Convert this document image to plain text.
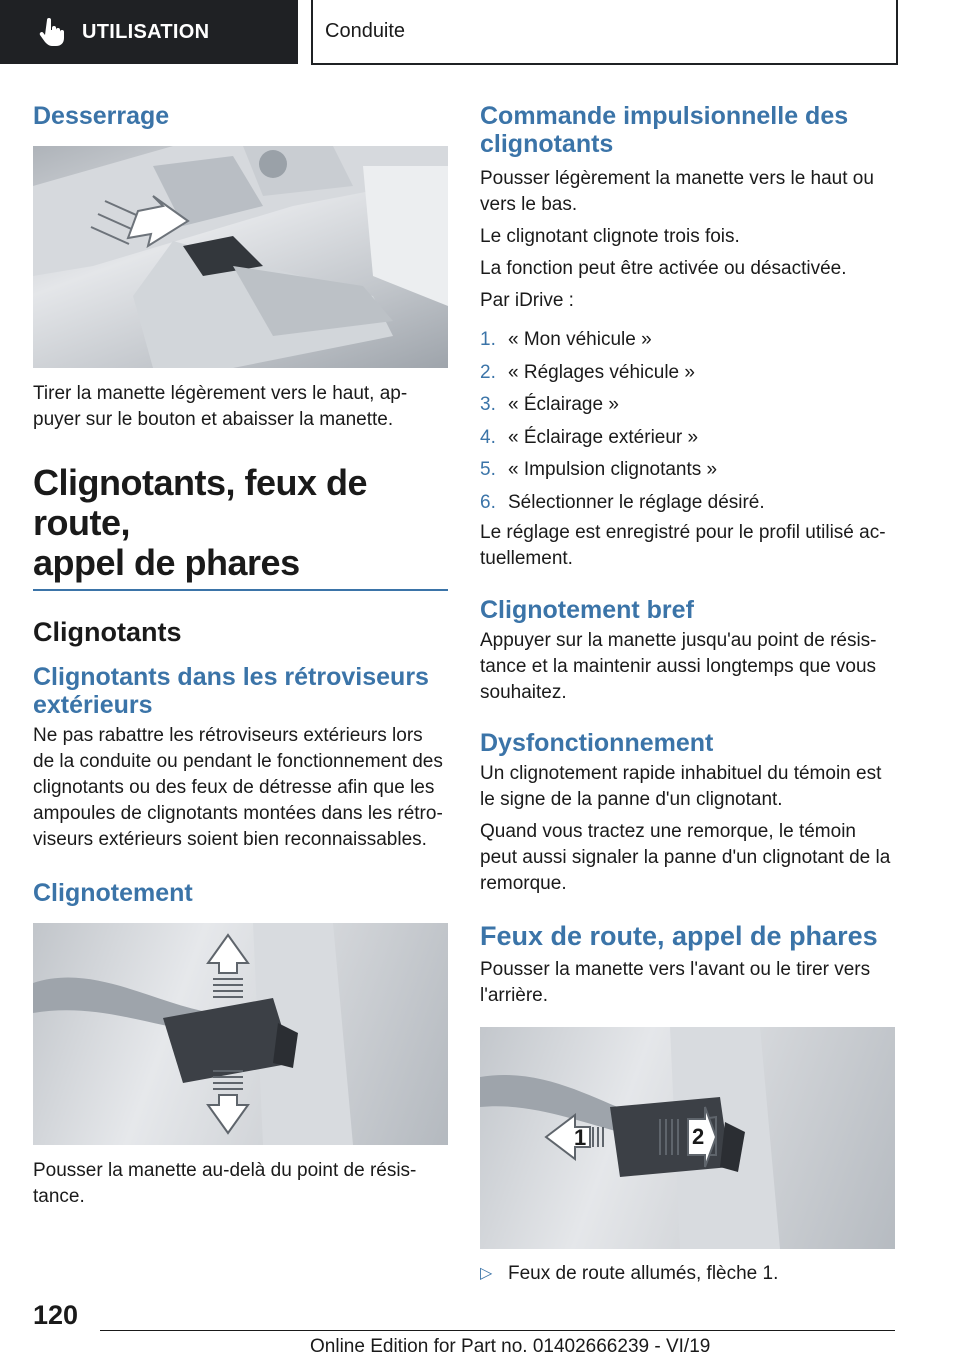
UTILISATION	Conduite
Desserrage

Tirer la manette légèrement vers le haut, ap-puyer sur le bouton et abaisser la manette.

Clignotants, feux de route,
appel de phares
Clignotants
Clignotants dans les rétroviseurs extérieurs

Ne pas rabattre les rétroviseurs extérieurs lors de la conduite ou pendant le fonctionnement des clignotants ou des feux de détresse afin que les ampoules de clignotants montées dans les rétro-viseurs extérieurs soient bien reconnaissables.

Clignotement

Pousser la manette au-delà du point de résis-tance.

Commande impulsionnelle des clignotants

Pousser légèrement la manette vers le haut ou vers le bas.

Le clignotant clignote trois fois.

La fonction peut être activée ou désactivée.

Par iDrive :

1. « Mon véhicule »
2. « Réglages véhicule »
3. « Éclairage »
4. « Éclairage extérieur »
5. « Impulsion clignotants »
6. Sélectionner le réglage désiré.

Le réglage est enregistré pour le profil utilisé ac-tuellement.

Clignotement bref

Appuyer sur la manette jusqu'au point de résis-tance et la maintenir aussi longtemps que vous souhaitez.

Dysfonctionnement

Un clignotement rapide inhabituel du témoin est le signe de la panne d'un clignotant.

Quand vous tractez une remorque, le témoin peut aussi signaler la panne d'un clignotant de la remorque.

Feux de route, appel de phares

Pousser la manette vers l'avant ou le tirer vers l'arrière.

1	2
▷ Feux de route allumés, flèche 1.
120
Online Edition for Part no. 01402666239 - VI/19
